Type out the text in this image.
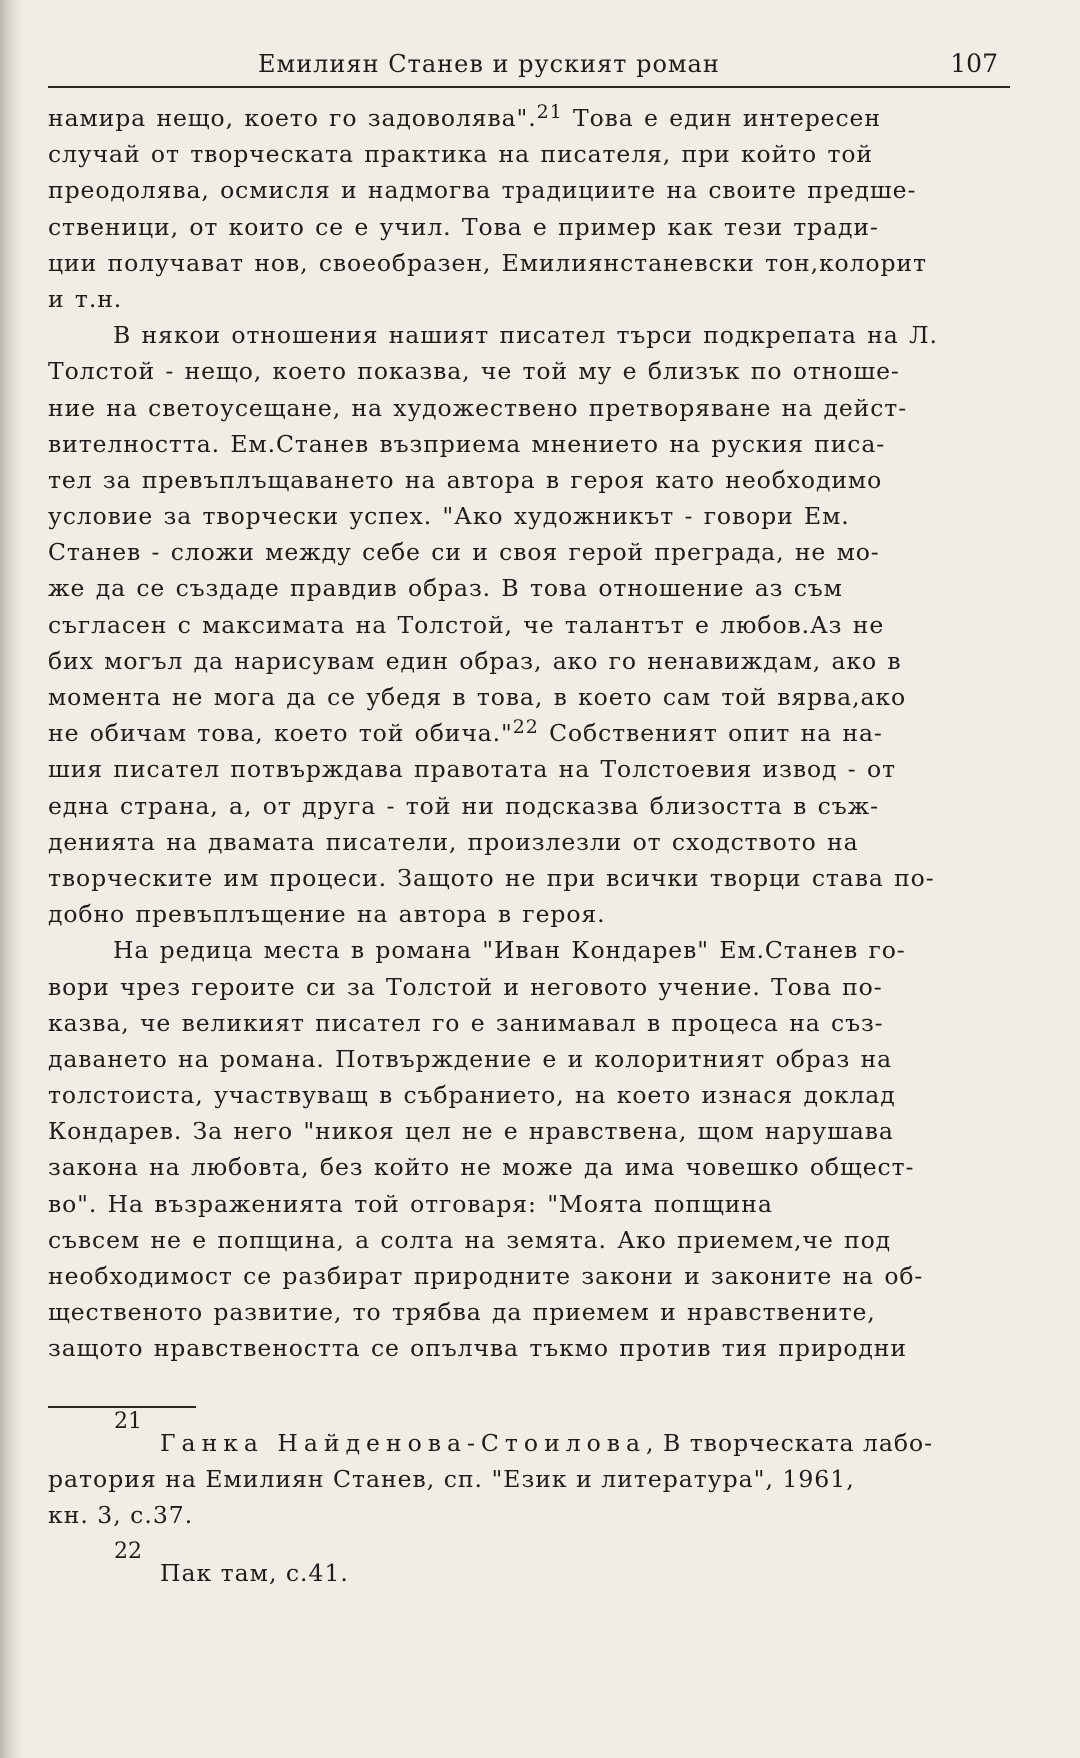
Емилиян Станев и руският роман	107
намира нещо, което го задоволява".$^{21}$ Това е един интересен
случай от творческата практика на писателя, при който той
преодолява, осмисля и надмогва традициите на своите предше-
ственици, от които се е учил. Това е пример как тези тради-
ции получават нов, своеобразен, Емилиянстаневски тон,колорит
и т.н.
В някои отношения нашият писател търси подкрепата на Л.
Толстой - нещо, което показва, че той му е близък по отноше-
ние на светоусещане, на художествено претворяване на дейст-
вителността. Ем.Станев възприема мнението на руския писа-
тел за превъплъщаването на автора в героя като необходимо
условие за творчески успех. "Ако художникът - говори Ем.
Станев - сложи между себе си и своя герой преграда, не мо-
же да се създаде правдив образ. В това отношение аз съм
съгласен с максимата на Толстой, че талантът е любов.Аз не
бих могъл да нарисувам един образ, ако го ненавиждам, ако в
момента не мога да се убедя в това, в което сам той вярва,ако
не обичам това, което той обича."$^{22}$ Собственият опит на на-
шия писател потвърждава правотата на Толстоевия извод - от
една страна, а, от друга - той ни подсказва близостта в съж-
денията на двамата писатели, произлезли от сходството на
творческите им процеси. Защото не при всички творци става по-
добно превъплъщение на автора в героя.
На редица места в романа "Иван Кондарев" Ем.Станев го-
вори чрез героите си за Толстой и неговото учение. Това по-
казва, че великият писател го е занимавал в процеса на съз-
даването на романа. Потвърждение е и колоритният образ на
толстоиста, участвуващ в събранието, на което изнася доклад
Кондарев. За него "никоя цел не е нравствена, щом нарушава
закона на любовта, без който не може да има човешко общест-
во". На възраженията той отговаря: "Моята попщина
съвсем не е попщина, а солта на земята. Ако приемем,че под
необходимост се разбират природните закони и законите на об-
щественото развитие, то трябва да приемем и нравствените,
защото нравствеността се опълчва тъкмо против тия природни
21
Ганка Найденова-Стоилова, В творческата лабо-
ратория на Емилиян Станев, сп. "Език и литература", 1961,
кн. 3, с.37.
22
Пак там, с.41.
